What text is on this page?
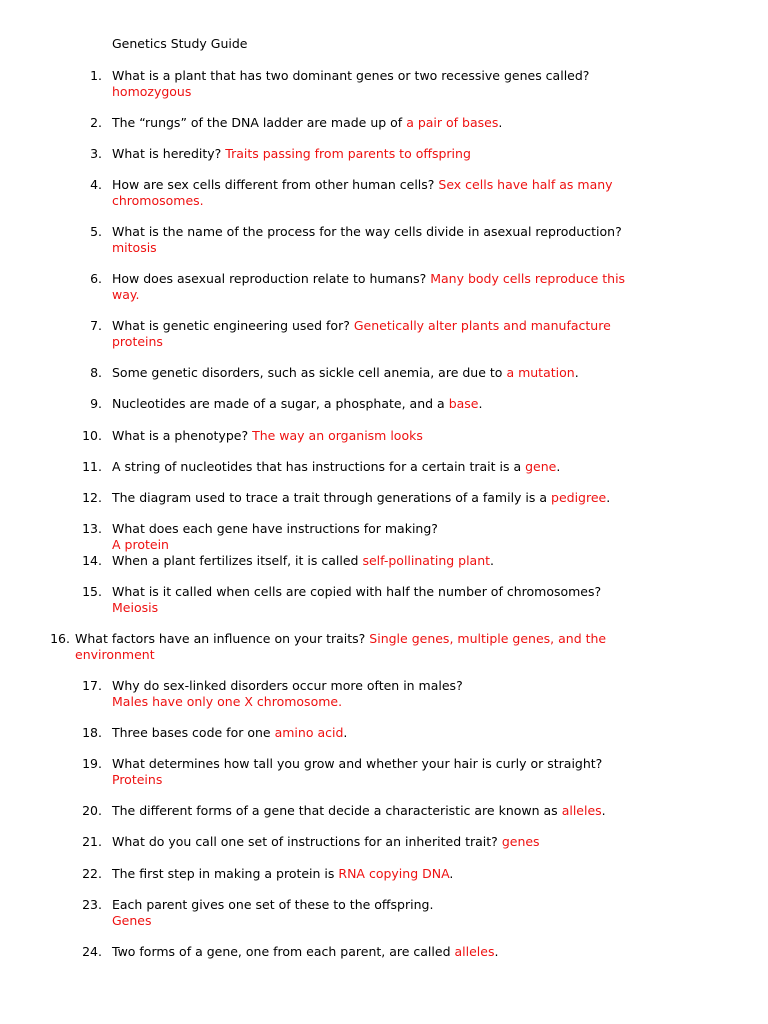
Genetics Study Guide
1. What is a plant that has two dominant genes or two recessive genes called?
homozygous
2. The “rungs” of the DNA ladder are made up of a pair of bases.
3. What is heredity? Traits passing from parents to offspring
4. How are sex cells different from other human cells? Sex cells have half as many chromosomes.
5. What is the name of the process for the way cells divide in asexual reproduction?
mitosis
6. How does asexual reproduction relate to humans? Many body cells reproduce this way.
7. What is genetic engineering used for? Genetically alter plants and manufacture proteins
8. Some genetic disorders, such as sickle cell anemia, are due to a mutation.
9. Nucleotides are made of a sugar, a phosphate, and a base.
10. What is a phenotype? The way an organism looks
11. A string of nucleotides that has instructions for a certain trait is a gene.
12. The diagram used to trace a trait through generations of a family is a pedigree.
13. What does each gene have instructions for making?
A protein
14. When a plant fertilizes itself, it is called self-pollinating plant.
15. What is it called when cells are copied with half the number of chromosomes?
Meiosis
16. What factors have an influence on your traits? Single genes, multiple genes, and the environment
17. Why do sex-linked disorders occur more often in males?
Males have only one X chromosome.
18. Three bases code for one amino acid.
19. What determines how tall you grow and whether your hair is curly or straight?
Proteins
20. The different forms of a gene that decide a characteristic are known as alleles.
21. What do you call one set of instructions for an inherited trait? genes
22. The first step in making a protein is RNA copying DNA.
23. Each parent gives one set of these to the offspring.
Genes
24. Two forms of a gene, one from each parent, are called alleles.
